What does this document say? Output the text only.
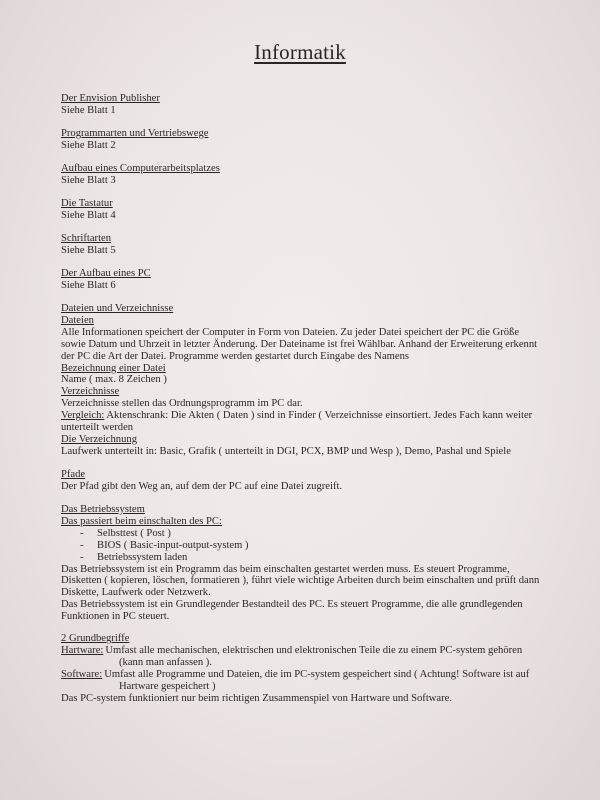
Informatik
Der Envision Publisher
Siehe Blatt 1
Programmarten und Vertriebswege
Siehe Blatt 2
Aufbau eines Computerarbeitsplatzes
Siehe Blatt 3
Die Tastatur
Siehe Blatt 4
Schriftarten
Siehe Blatt 5
Der Aufbau eines PC
Siehe Blatt 6
Dateien und Verzeichnisse
Dateien
Alle Informationen speichert der Computer in Form von Dateien. Zu jeder Datei speichert der PC die Größe
sowie Datum und Uhrzeit in letzter Änderung. Der Dateiname ist frei Wählbar. Anhand der Erweiterung erkennt
der PC die Art der Datei. Programme werden gestartet durch Eingabe des Namens
Bezeichnung einer Datei
Name ( max. 8 Zeichen )
Verzeichnisse
Verzeichnisse stellen das Ordnungsprogramm im PC dar.
Vergleich: Aktenschrank: Die Akten ( Daten ) sind in Finder ( Verzeichnisse einsortiert. Jedes Fach kann weiter
unterteilt werden
Die Verzeichnung
Laufwerk unterteilt in: Basic, Grafik ( unterteilt in DGI, PCX, BMP und Wesp ), Demo, Pashal und Spiele
Pfade
Der Pfad gibt den Weg an, auf dem der PC auf eine Datei zugreift.
Das Betriebssystem
Das passiert beim einschalten des PC:
- Selbsttest ( Post )
- BIOS ( Basic-input-output-system )
- Betriebssystem laden
Das Betriebssystem ist ein Programm das beim einschalten gestartet werden muss. Es steuert Programme,
Disketten ( kopieren, löschen, formatieren ), führt viele wichtige Arbeiten durch beim einschalten und prüft dann
Diskette, Laufwerk oder Netzwerk.
Das Betriebssystem ist ein Grundlegender Bestandteil des PC. Es steuert Programme, die alle grundlegenden
Funktionen in PC steuert.
2 Grundbegriffe
Hartware: Umfast alle mechanischen, elektrischen und elektronischen Teile die zu einem PC-system gehören
(kann man anfassen ).
Software: Umfast alle Programme und Dateien, die im PC-system gespeichert sind ( Achtung! Software ist auf
Hartware gespeichert )
Das PC-system funktioniert nur beim richtigen Zusammenspiel von Hartware und Software.
